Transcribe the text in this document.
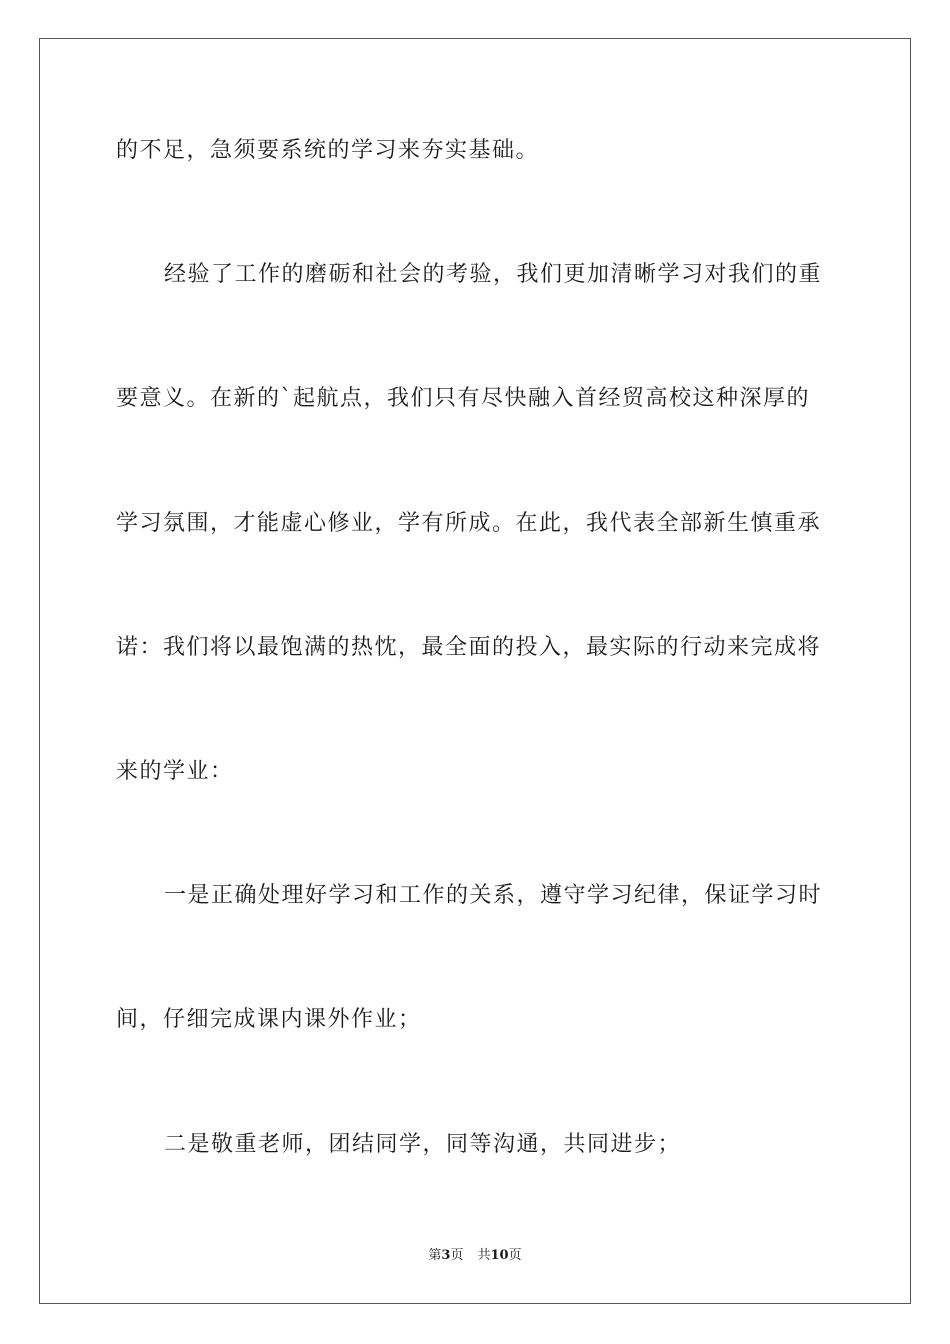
的不足，急须要系统的学习来夯实基础。
经验了工作的磨砺和社会的考验，我们更加清晰学习对我们的重
要意义。在新的`起航点，我们只有尽快融入首经贸高校这种深厚的
学习氛围，才能虚心修业，学有所成。在此，我代表全部新生慎重承
诺：我们将以最饱满的热忱，最全面的投入，最实际的行动来完成将
来的学业：
一是正确处理好学习和工作的关系，遵守学习纪律，保证学习时
间，仔细完成课内课外作业；
二是敬重老师，团结同学，同等沟通，共同进步；
第3页 共10页
